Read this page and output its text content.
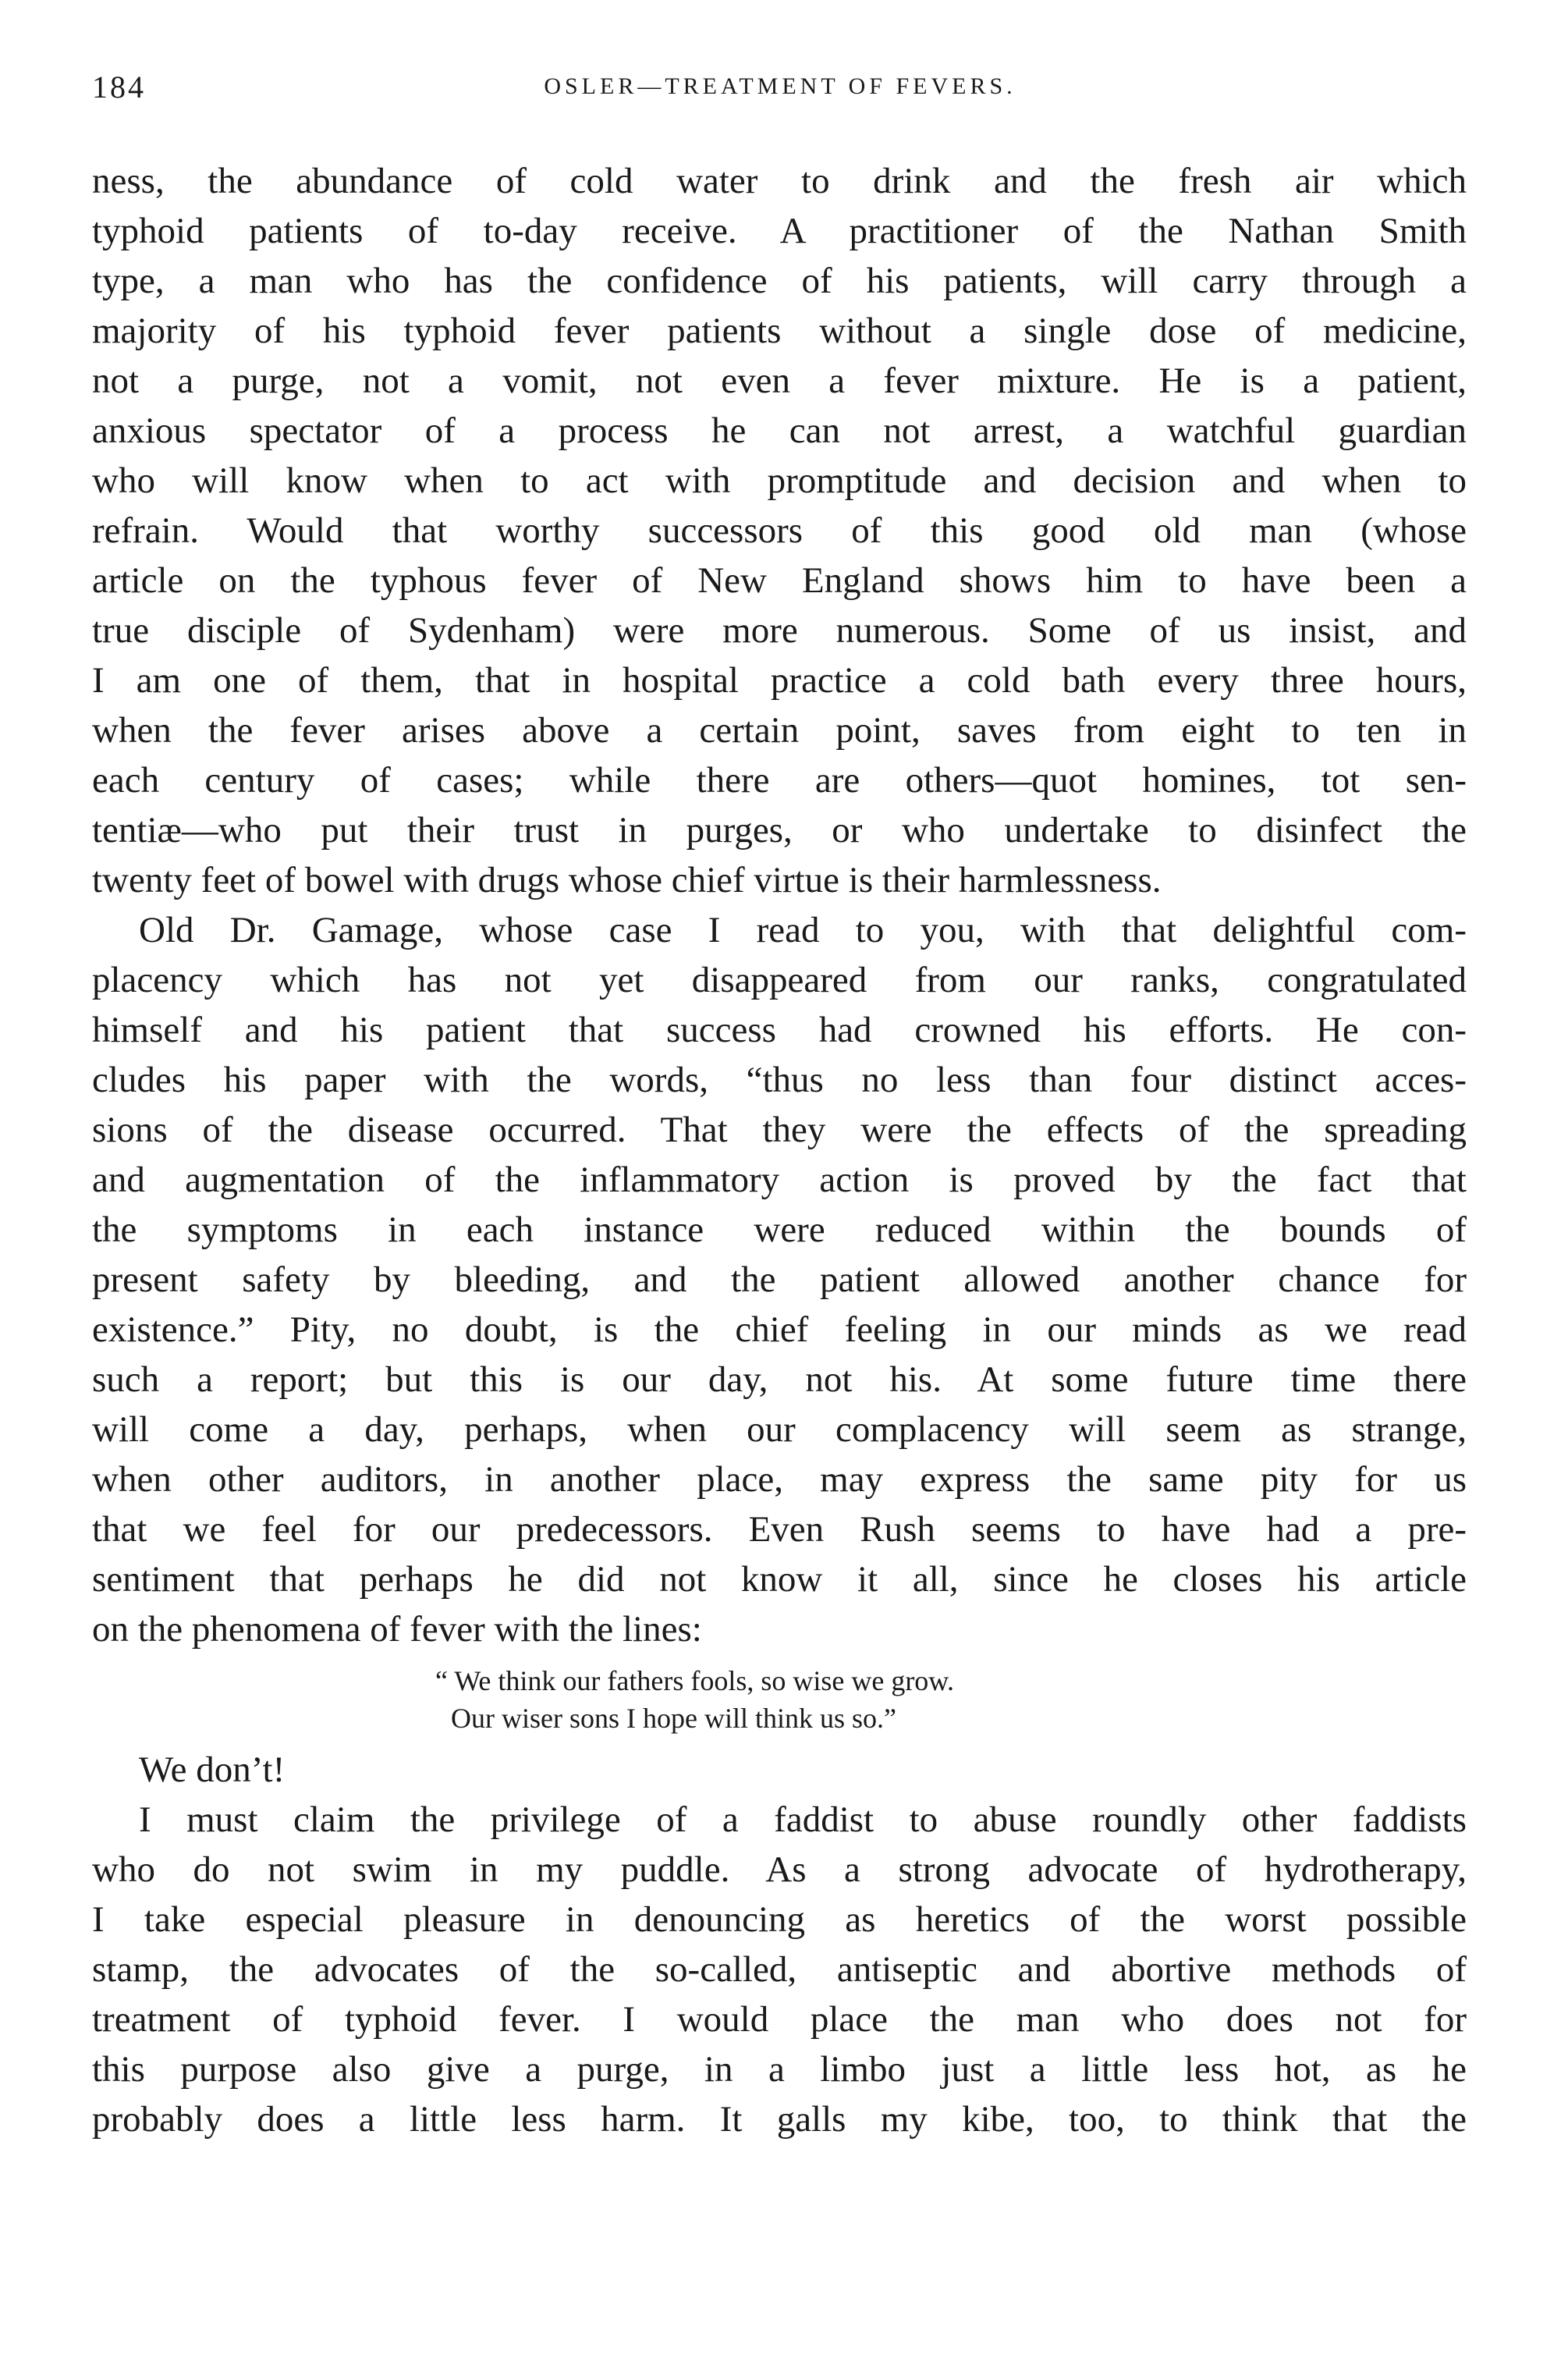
184	OSLER—TREATMENT OF FEVERS.
ness, the abundance of cold water to drink and the fresh air which
typhoid patients of to-day receive. A practitioner of the Nathan Smith
type, a man who has the confidence of his patients, will carry through a
majority of his typhoid fever patients without a single dose of medicine,
not a purge, not a vomit, not even a fever mixture. He is a patient,
anxious spectator of a process he can not arrest, a watchful guardian
who will know when to act with promptitude and decision and when to
refrain. Would that worthy successors of this good old man (whose
article on the typhous fever of New England shows him to have been a
true disciple of Sydenham) were more numerous. Some of us insist, and
I am one of them, that in hospital practice a cold bath every three hours,
when the fever arises above a certain point, saves from eight to ten in
each century of cases; while there are others—quot homines, tot sen-
tentiæ—who put their trust in purges, or who undertake to disinfect the
twenty feet of bowel with drugs whose chief virtue is their harmlessness.
Old Dr. Gamage, whose case I read to you, with that delightful com-
placency which has not yet disappeared from our ranks, congratulated
himself and his patient that success had crowned his efforts. He con-
cludes his paper with the words, “thus no less than four distinct acces-
sions of the disease occurred. That they were the effects of the spreading
and augmentation of the inflammatory action is proved by the fact that
the symptoms in each instance were reduced within the bounds of
present safety by bleeding, and the patient allowed another chance for
existence.” Pity, no doubt, is the chief feeling in our minds as we read
such a report; but this is our day, not his. At some future time there
will come a day, perhaps, when our complacency will seem as strange,
when other auditors, in another place, may express the same pity for us
that we feel for our predecessors. Even Rush seems to have had a pre-
sentiment that perhaps he did not know it all, since he closes his article
on the phenomena of fever with the lines:
“ We think our fathers fools, so wise we grow.
Our wiser sons I hope will think us so.”
We don’t!
I must claim the privilege of a faddist to abuse roundly other faddists
who do not swim in my puddle. As a strong advocate of hydrotherapy,
I take especial pleasure in denouncing as heretics of the worst possible
stamp, the advocates of the so-called, antiseptic and abortive methods of
treatment of typhoid fever. I would place the man who does not for
this purpose also give a purge, in a limbo just a little less hot, as he
probably does a little less harm. It galls my kibe, too, to think that the
